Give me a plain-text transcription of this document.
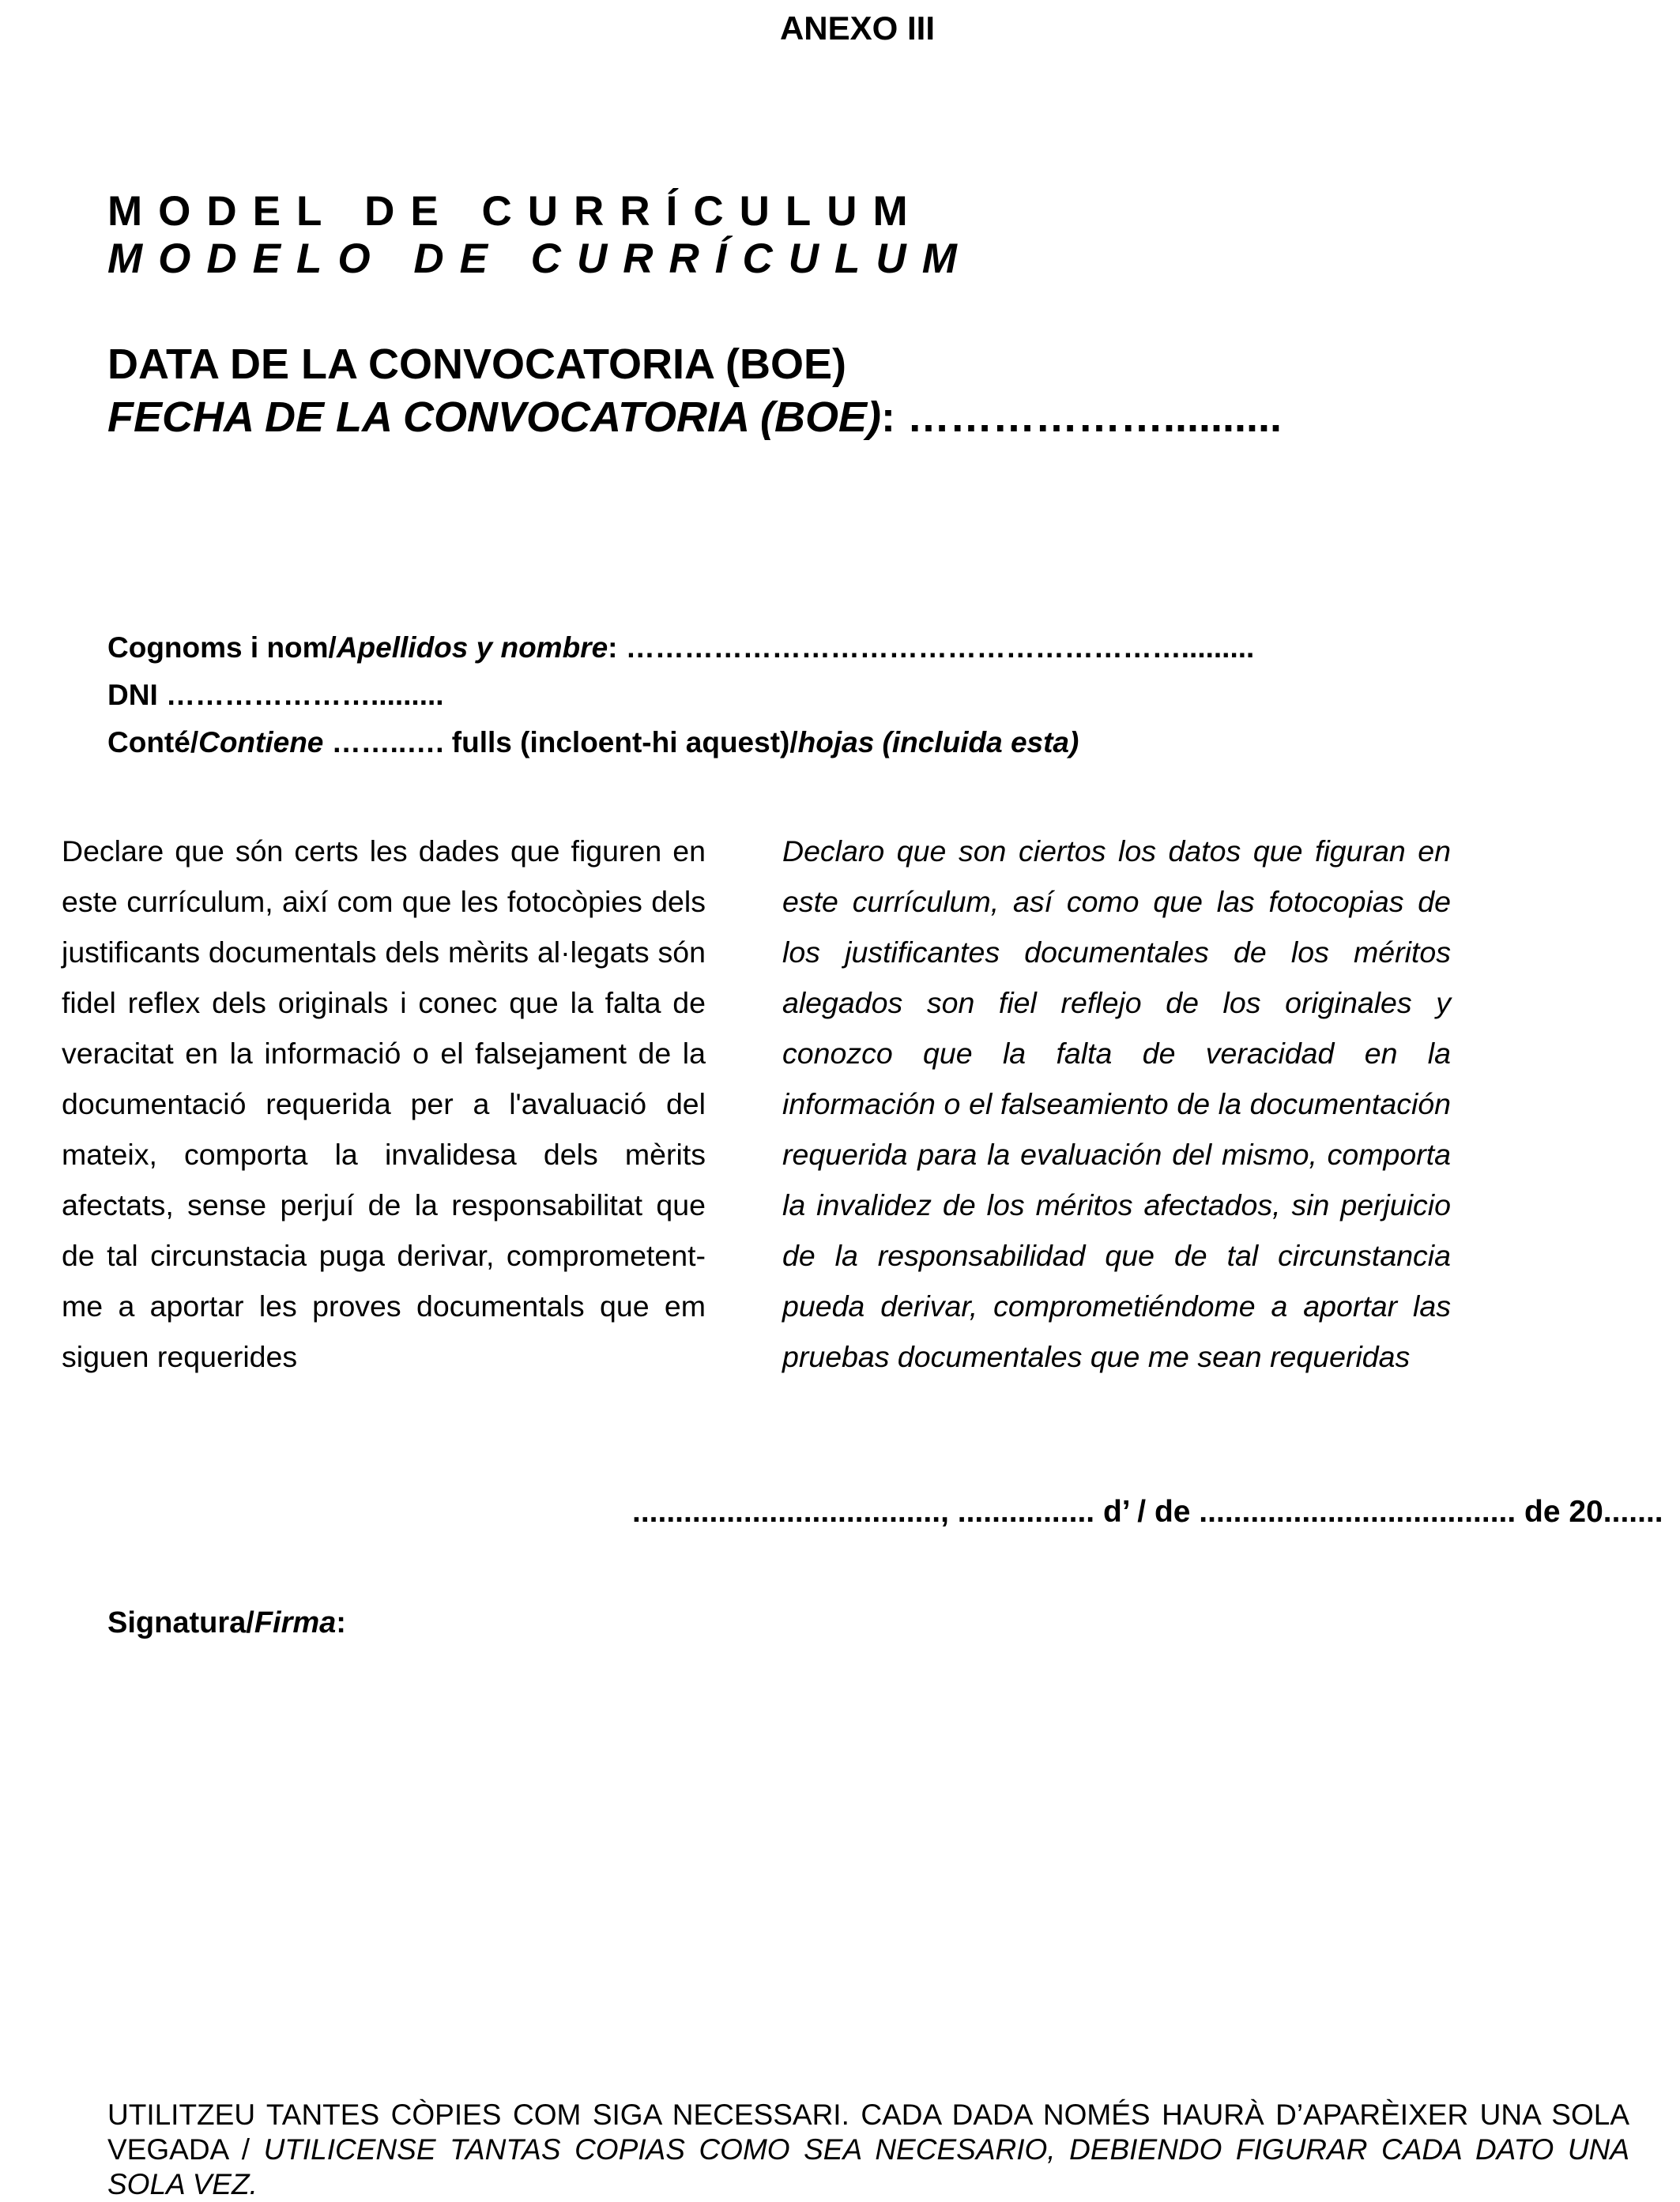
ANEXO III
MODEL DE CURRÍCULUM
MODELO DE CURRÍCULUM
DATA DE LA CONVOCATORIA (BOE)
FECHA DE LA CONVOCATORIA (BOE): ………………..........
Cognoms i nom/Apellidos y nombre: ………………………………………………….........
DNI ………………….........
Conté/Contiene ……..…. fulls (incloent-hi aquest)/hojas (incluida esta)
Declare que són certs les dades que figuren en este currículum, així com que les fotocòpies dels justificants documentals dels mèrits al·legats són fidel reflex dels originals i conec que la falta de veracitat en la informació o el falsejament de la documentació requerida per a l'avaluació del mateix, comporta la invalidesa dels mèrits afectats, sense perjuí de la responsabilitat que de tal circunstacia puga derivar, comprometent-me a aportar les proves documentals que em siguen requerides
Declaro que son ciertos los datos que figuran en este currículum, así como que las fotocopias de los justificantes documentales de los méritos alegados son fiel reflejo de los originales y conozco que la falta de veracidad en la información o el falseamiento de la documentación requerida para la evaluación del mismo, comporta la invalidez de los méritos afectados, sin perjuicio de la responsabilidad que de tal circunstancia pueda derivar, comprometiéndome a aportar las pruebas documentales que me sean requeridas
...................................., ................ d’ / de ..................................... de 20.......
Signatura/Firma:
UTILITZEU TANTES CÒPIES COM SIGA NECESSARI. CADA DADA NOMÉS HAURÀ D’APARÈIXER UNA SOLA VEGADA / UTILICENSE TANTAS COPIAS COMO SEA NECESARIO, DEBIENDO FIGURAR CADA DATO UNA SOLA VEZ.
